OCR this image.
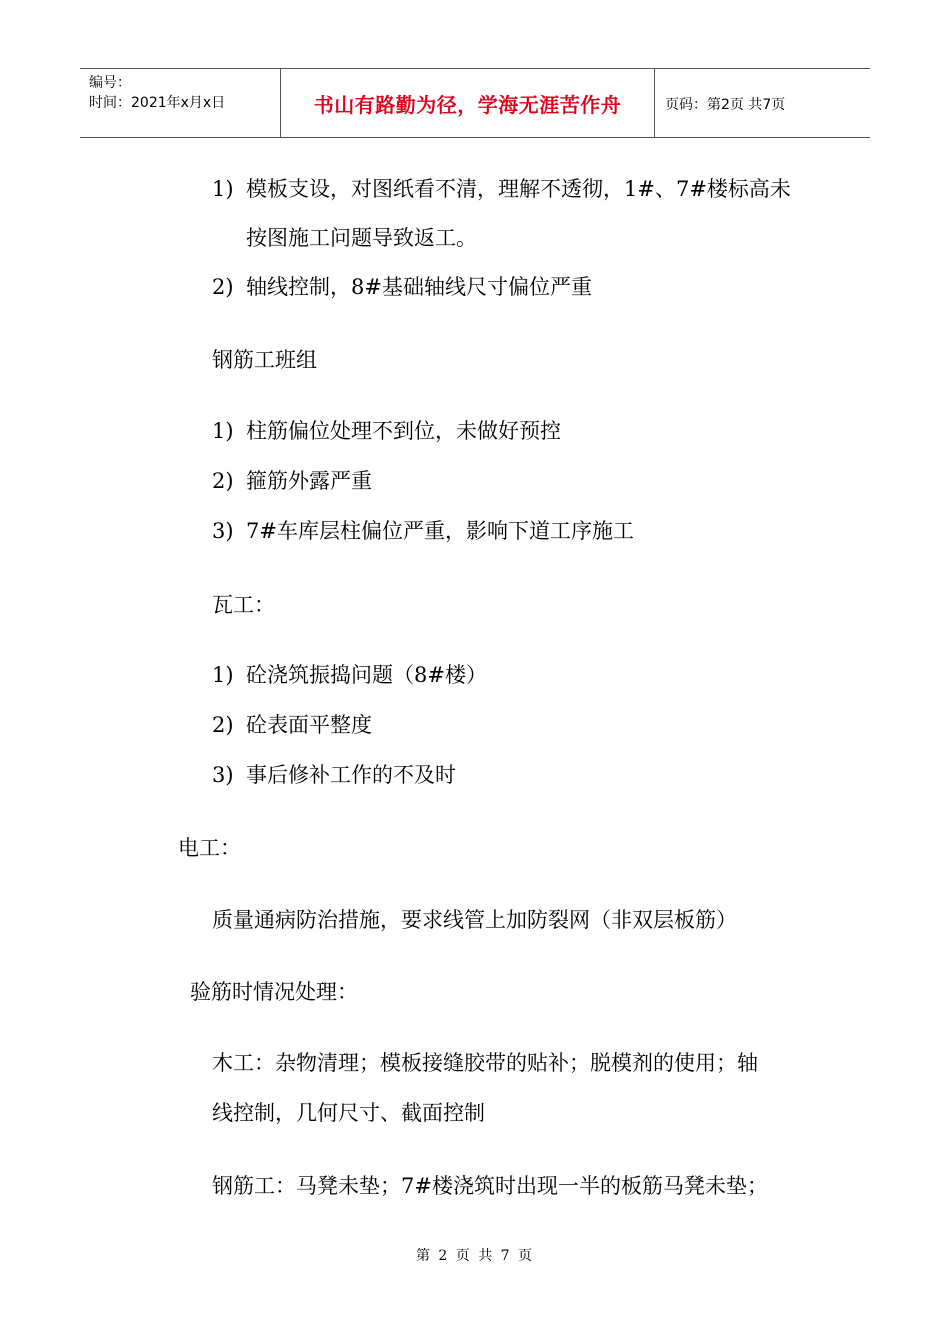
编号：
时间：2021年x月x日	书山有路勤为径，学海无涯苦作舟	页码：第2页 共7页
1) 模板支设，对图纸看不清，理解不透彻，1#、7#楼标高未
按图施工问题导致返工。
2) 轴线控制，8#基础轴线尺寸偏位严重
钢筋工班组
1) 柱筋偏位处理不到位，未做好预控
2) 箍筋外露严重
3) 7#车库层柱偏位严重，影响下道工序施工
瓦工：
1) 砼浇筑振捣问题（8#楼）
2) 砼表面平整度
3) 事后修补工作的不及时
电工：
质量通病防治措施，要求线管上加防裂网（非双层板筋）
验筋时情况处理：
木工：杂物清理；模板接缝胶带的贴补；脱模剂的使用；轴
线控制，几何尺寸、截面控制
钢筋工：马凳未垫；7#楼浇筑时出现一半的板筋马凳未垫；
第 2 页 共 7 页
